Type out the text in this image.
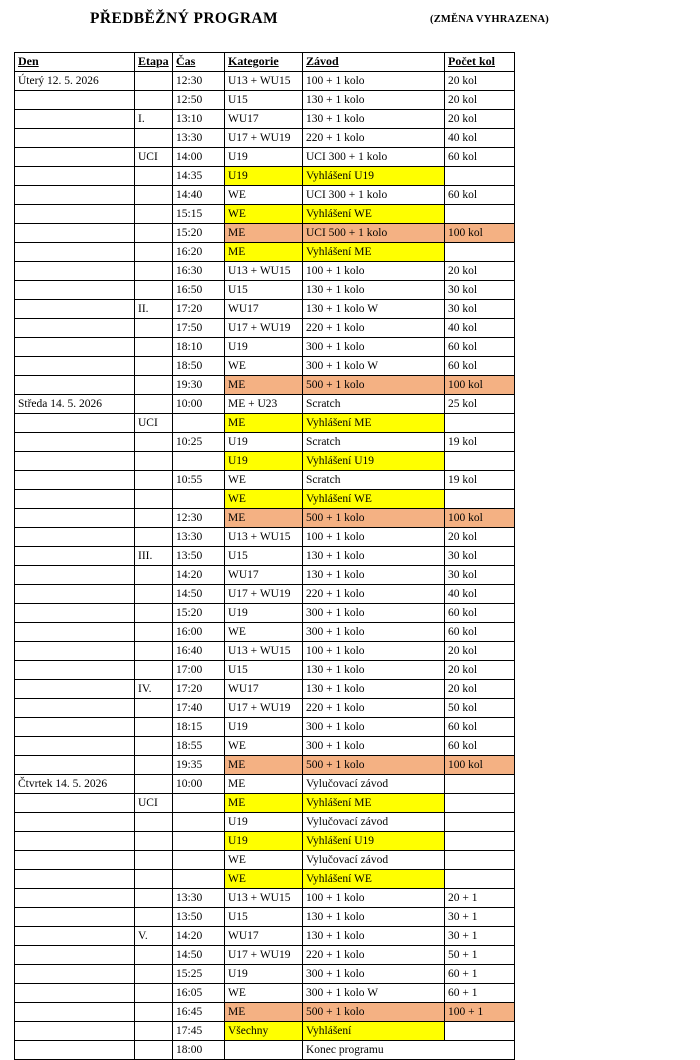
PŘEDBĚŽNÝ PROGRAM	(ZMĚNA VYHRAZENA)
Den	Etapa	Čas	Kategorie	Závod	Počet kol
Úterý 12. 5. 2026		12:30	U13 + WU15	100 + 1 kolo	20 kol
		12:50	U15	130 + 1 kolo	20 kol
	I.	13:10	WU17	130 + 1 kolo	20 kol
		13:30	U17 + WU19	220 + 1 kolo	40 kol
	UCI	14:00	U19	UCI 300 + 1 kolo	60 kol
		14:35	U19	Vyhlášení U19	
		14:40	WE	UCI 300 + 1 kolo	60 kol
		15:15	WE	Vyhlášení WE	
		15:20	ME	UCI 500 + 1 kolo	100 kol
		16:20	ME	Vyhlášení ME	
		16:30	U13 + WU15	100 + 1 kolo	20 kol
		16:50	U15	130 + 1 kolo	30 kol
	II.	17:20	WU17	130 + 1 kolo W	30 kol
		17:50	U17 + WU19	220 + 1 kolo	40 kol
		18:10	U19	300 + 1 kolo	60 kol
		18:50	WE	300 + 1 kolo W	60 kol
		19:30	ME	500 + 1 kolo	100 kol
Středa 14. 5. 2026		10:00	ME + U23	Scratch	25 kol
	UCI		ME	Vyhlášení ME	
		10:25	U19	Scratch	19 kol
			U19	Vyhlášení U19	
		10:55	WE	Scratch	19 kol
			WE	Vyhlášení WE	
		12:30	ME	500 + 1 kolo	100 kol
		13:30	U13 + WU15	100 + 1 kolo	20 kol
	III.	13:50	U15	130 + 1 kolo	30 kol
		14:20	WU17	130 + 1 kolo	30 kol
		14:50	U17 + WU19	220 + 1 kolo	40 kol
		15:20	U19	300 + 1 kolo	60 kol
		16:00	WE	300 + 1 kolo	60 kol
		16:40	U13 + WU15	100 + 1 kolo	20 kol
		17:00	U15	130 + 1 kolo	20 kol
	IV.	17:20	WU17	130 + 1 kolo	20 kol
		17:40	U17 + WU19	220 + 1 kolo	50 kol
		18:15	U19	300 + 1 kolo	60 kol
		18:55	WE	300 + 1 kolo	60 kol
		19:35	ME	500 + 1 kolo	100 kol
Čtvrtek 14. 5. 2026		10:00	ME	Vylučovací závod	
	UCI		ME	Vyhlášení ME	
			U19	Vylučovací závod	
			U19	Vyhlášení U19	
			WE	Vylučovací závod	
			WE	Vyhlášení WE	
		13:30	U13 + WU15	100 + 1 kolo	20 + 1
		13:50	U15	130 + 1 kolo	30 + 1
	V.	14:20	WU17	130 + 1 kolo	30 + 1
		14:50	U17 + WU19	220 + 1 kolo	50 + 1
		15:25	U19	300 + 1 kolo	60 + 1
		16:05	WE	300 + 1 kolo W	60 + 1
		16:45	ME	500 + 1 kolo	100 + 1
		17:45	Všechny	Vyhlášení	
		18:00		Konec programu	
